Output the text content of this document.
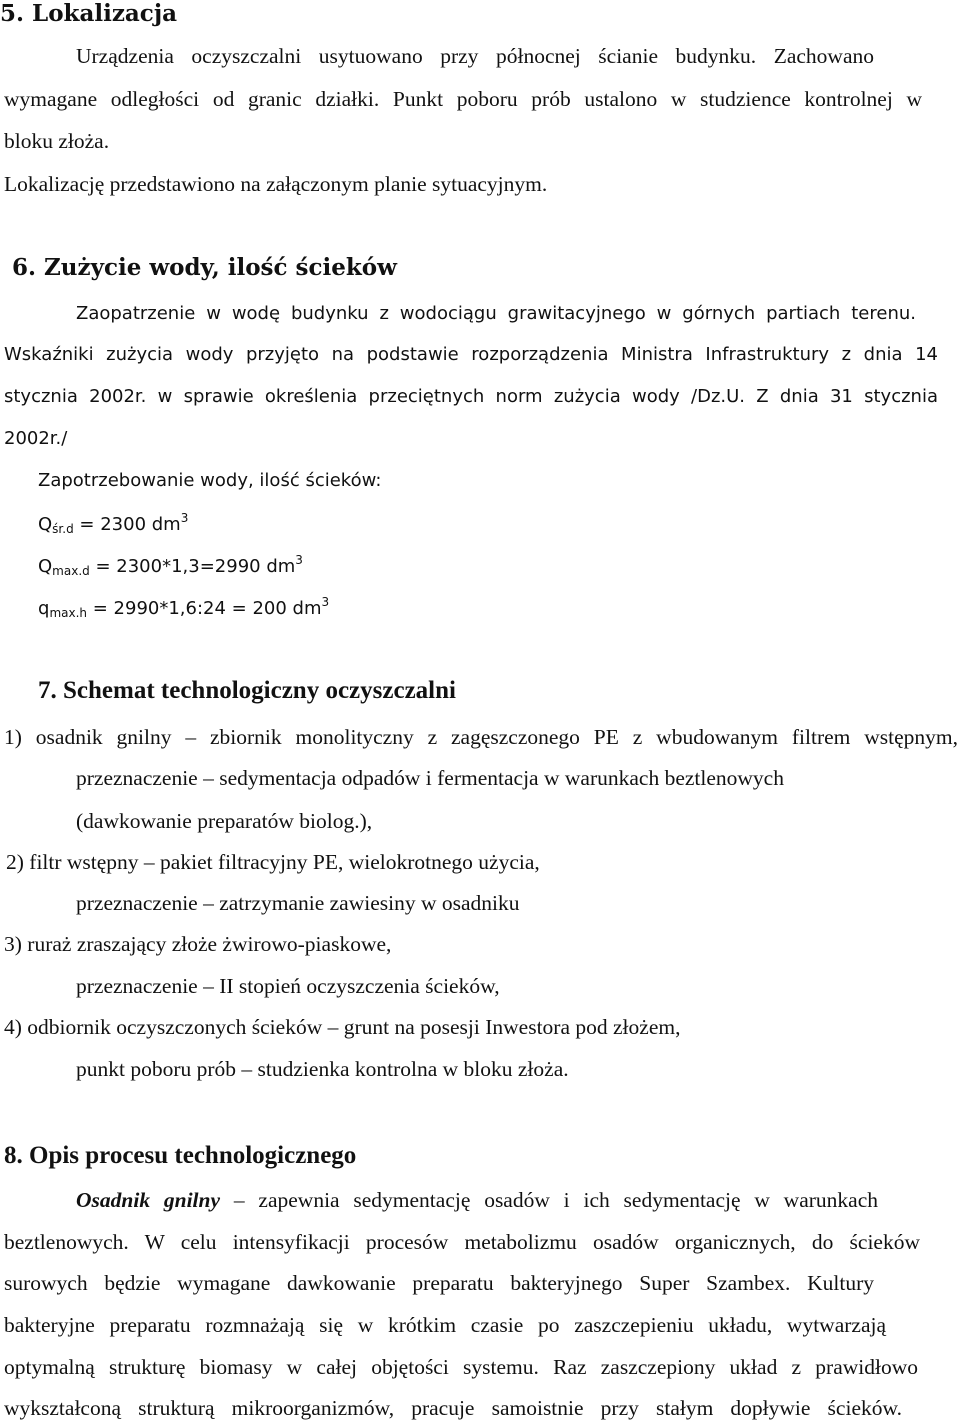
5. Lokalizacja
Urządzenia oczyszczalni usytuowano przy północnej ścianie budynku. Zachowano
wymagane odległości od granic działki. Punkt poboru prób ustalono w studzience kontrolnej w
bloku złoża.
Lokalizację przedstawiono na załączonym planie sytuacyjnym.
6. Zużycie wody, ilość ścieków
Zaopatrzenie w wodę budynku z wodociągu grawitacyjnego w górnych partiach terenu.
Wskaźniki zużycia wody przyjęto na podstawie rozporządzenia Ministra Infrastruktury z dnia 14
stycznia 2002r. w sprawie określenia przeciętnych norm zużycia wody /Dz.U. Z dnia 31 stycznia
2002r./
Zapotrzebowanie wody, ilość ścieków:
$Q_{śr.d} = 2300$ $dm^3$
$Q_{max.d} = 2300*1,3=2990$ $dm^3$
$q_{max.h}$ = 2990*1,6:24 = 200 $dm^3$
7. Schemat technologiczny oczyszczalni
1) osadnik gnilny – zbiornik monolityczny z zagęszczonego PE z wbudowanym filtrem wstępnym,
przeznaczenie – sedymentacja odpadów i fermentacja w warunkach beztlenowych
(dawkowanie preparatów biolog.),
2) filtr wstępny – pakiet filtracyjny PE, wielokrotnego użycia,
przeznaczenie – zatrzymanie zawiesiny w osadniku
3) ruraż zraszający złoże żwirowo-piaskowe,
przeznaczenie – II stopień oczyszczenia ścieków,
4) odbiornik oczyszczonych ścieków – grunt na posesji Inwestora pod złożem,
punkt poboru prób – studzienka kontrolna w bloku złoża.
8. Opis procesu technologicznego
Osadnik gnilny – zapewnia sedymentację osadów i ich sedymentację w warunkach
beztlenowych. W celu intensyfikacji procesów metabolizmu osadów organicznych, do ścieków
surowych będzie wymagane dawkowanie preparatu bakteryjnego Super Szambex. Kultury
bakteryjne preparatu rozmnażają się w krótkim czasie po zaszczepieniu układu, wytwarzają
optymalną strukturę biomasy w całej objętości systemu. Raz zaszczepiony układ z prawidłowo
wykształconą strukturą mikroorganizmów, pracuje samoistnie przy stałym dopływie ścieków.
